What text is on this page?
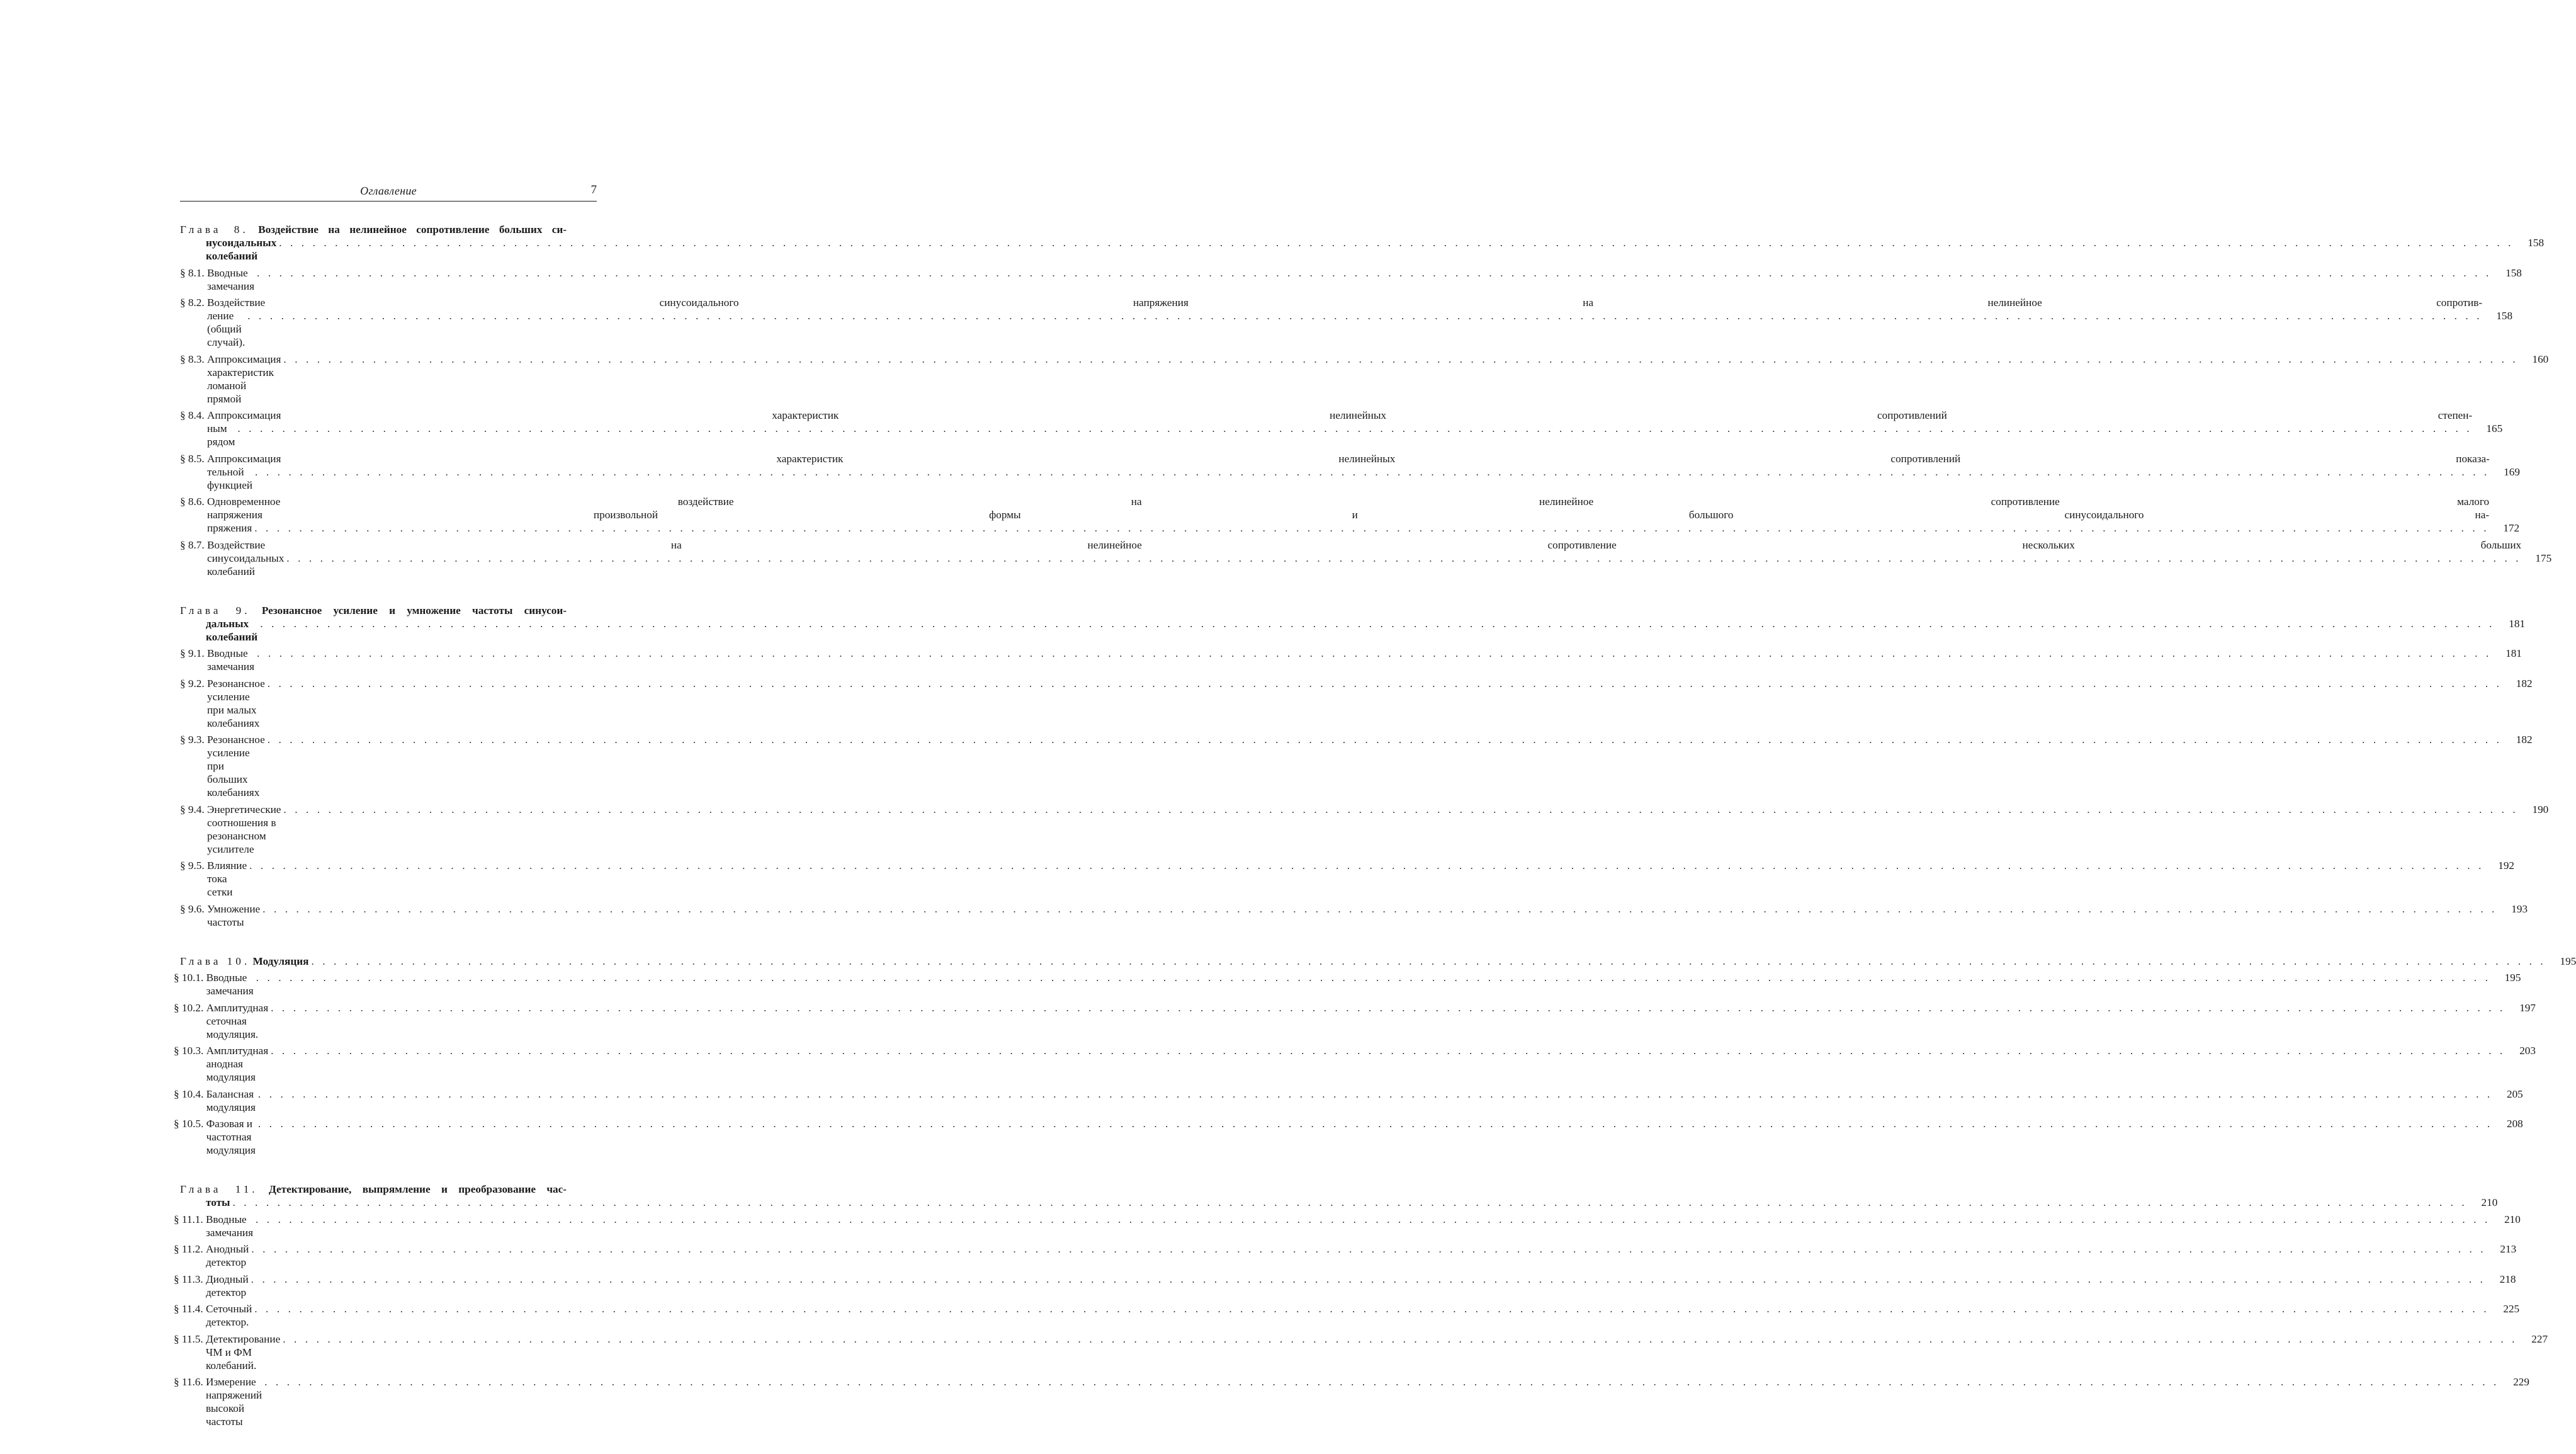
Оглавление	7
Глава 8. Воздействие на нелинейное сопротивление больших си-
нусоидальных колебаний
. . . . . . . . . . . . . . . . . . . . . . . . . . . . . . . . . . . . . . . . . . . . . . . . . . . . . . . . . . . . . . . . . . . . . . . . . . . . . . . . . . . . . . . . . . . . . . . . . . . . . . . . . . . . . . . . . . . . . . . . . . . . . . . . . . . . . . . . . . . . . . . . . . . . . . . . . . . . . . . . . . . . . . . . . . . . . . . . . . . . . . . . . . . . . . . . . . . . . . . .	158
§ 8.1.
Вводные замечания
. . . . . . . . . . . . . . . . . . . . . . . . . . . . . . . . . . . . . . . . . . . . . . . . . . . . . . . . . . . . . . . . . . . . . . . . . . . . . . . . . . . . . . . . . . . . . . . . . . . . . . . . . . . . . . . . . . . . . . . . . . . . . . . . . . . . . . . . . . . . . . . . . . . . . . . . . . . . . . . . . . . . . . . . . . . . . . . . . . . . . . . . . . . . . . . . . . . . . . . .	158
§ 8.2.
Воздействие синусоидального напряжения на нелинейное сопротив-
ление (общий случай).
. . . . . . . . . . . . . . . . . . . . . . . . . . . . . . . . . . . . . . . . . . . . . . . . . . . . . . . . . . . . . . . . . . . . . . . . . . . . . . . . . . . . . . . . . . . . . . . . . . . . . . . . . . . . . . . . . . . . . . . . . . . . . . . . . . . . . . . . . . . . . . . . . . . . . . . . . . . . . . . . . . . . . . . . . . . . . . . . . . . . . . . . . . . . . . . . . . . . . . . .	158
§ 8.3.
Аппроксимация характеристик ломаной прямой
. . . . . . . . . . . . . . . . . . . . . . . . . . . . . . . . . . . . . . . . . . . . . . . . . . . . . . . . . . . . . . . . . . . . . . . . . . . . . . . . . . . . . . . . . . . . . . . . . . . . . . . . . . . . . . . . . . . . . . . . . . . . . . . . . . . . . . . . . . . . . . . . . . . . . . . . . . . . . . . . . . . . . . . . . . . . . . . . . . . . . . . . . . . . . . . . . . . . . . . .	160
§ 8.4.
Аппроксимация характеристик нелинейных сопротивлений степен-
ным рядом
. . . . . . . . . . . . . . . . . . . . . . . . . . . . . . . . . . . . . . . . . . . . . . . . . . . . . . . . . . . . . . . . . . . . . . . . . . . . . . . . . . . . . . . . . . . . . . . . . . . . . . . . . . . . . . . . . . . . . . . . . . . . . . . . . . . . . . . . . . . . . . . . . . . . . . . . . . . . . . . . . . . . . . . . . . . . . . . . . . . . . . . . . . . . . . . . . . . . . . . .	165
§ 8.5.
Аппроксимация характеристик нелинейных сопротивлений показа-
тельной функцией
. . . . . . . . . . . . . . . . . . . . . . . . . . . . . . . . . . . . . . . . . . . . . . . . . . . . . . . . . . . . . . . . . . . . . . . . . . . . . . . . . . . . . . . . . . . . . . . . . . . . . . . . . . . . . . . . . . . . . . . . . . . . . . . . . . . . . . . . . . . . . . . . . . . . . . . . . . . . . . . . . . . . . . . . . . . . . . . . . . . . . . . . . . . . . . . . . . . . . . . .	169
§ 8.6.
Одновременное воздействие на нелинейное сопротивление малого
напряжения произвольной формы и большого синусоидального на-
пряжения . . . . . . . . . . . . . . . . . . . . . . . . . . . . . . . . . . . . . . . . . . . . . . . . . . . . . . . . . . . . . . . . . . . . . . . . . . . . . . . . . . . . . . . . . . . . . . . . . . . . . . . . . . . . . . . . . . . . . . . . . . . . . . . . . . . . . . . . . . . . . . . . . . . . . . . . . . . . . . . . . . . . . . . . . . . . . . . . . . . . . . . . . . . . . . . . . . . . . . . .	172
§ 8.7.
Воздействие на нелинейное сопротивление нескольких больших
синусоидальных колебаний
. . . . . . . . . . . . . . . . . . . . . . . . . . . . . . . . . . . . . . . . . . . . . . . . . . . . . . . . . . . . . . . . . . . . . . . . . . . . . . . . . . . . . . . . . . . . . . . . . . . . . . . . . . . . . . . . . . . . . . . . . . . . . . . . . . . . . . . . . . . . . . . . . . . . . . . . . . . . . . . . . . . . . . . . . . . . . . . . . . . . . . . . . . . . . . . . . . . . . . . .	175
Глава 9. Резонансное усиление и умножение частоты синусои-
дальных колебаний
. . . . . . . . . . . . . . . . . . . . . . . . . . . . . . . . . . . . . . . . . . . . . . . . . . . . . . . . . . . . . . . . . . . . . . . . . . . . . . . . . . . . . . . . . . . . . . . . . . . . . . . . . . . . . . . . . . . . . . . . . . . . . . . . . . . . . . . . . . . . . . . . . . . . . . . . . . . . . . . . . . . . . . . . . . . . . . . . . . . . . . . . . . . . . . . . . . . . . . . .	181
§ 9.1.
Вводные замечания
. . . . . . . . . . . . . . . . . . . . . . . . . . . . . . . . . . . . . . . . . . . . . . . . . . . . . . . . . . . . . . . . . . . . . . . . . . . . . . . . . . . . . . . . . . . . . . . . . . . . . . . . . . . . . . . . . . . . . . . . . . . . . . . . . . . . . . . . . . . . . . . . . . . . . . . . . . . . . . . . . . . . . . . . . . . . . . . . . . . . . . . . . . . . . . . . . . . . . . . .	181
§ 9.2.
Резонансное усиление при малых колебаниях
. . . . . . . . . . . . . . . . . . . . . . . . . . . . . . . . . . . . . . . . . . . . . . . . . . . . . . . . . . . . . . . . . . . . . . . . . . . . . . . . . . . . . . . . . . . . . . . . . . . . . . . . . . . . . . . . . . . . . . . . . . . . . . . . . . . . . . . . . . . . . . . . . . . . . . . . . . . . . . . . . . . . . . . . . . . . . . . . . . . . . . . . . . . . . . . . . . . . . . . .	182
§ 9.3.
Резонансное усиление при больших колебаниях
. . . . . . . . . . . . . . . . . . . . . . . . . . . . . . . . . . . . . . . . . . . . . . . . . . . . . . . . . . . . . . . . . . . . . . . . . . . . . . . . . . . . . . . . . . . . . . . . . . . . . . . . . . . . . . . . . . . . . . . . . . . . . . . . . . . . . . . . . . . . . . . . . . . . . . . . . . . . . . . . . . . . . . . . . . . . . . . . . . . . . . . . . . . . . . . . . . . . . . . .	182
§ 9.4.
Энергетические соотношения в резонансном усилителе
. . . . . . . . . . . . . . . . . . . . . . . . . . . . . . . . . . . . . . . . . . . . . . . . . . . . . . . . . . . . . . . . . . . . . . . . . . . . . . . . . . . . . . . . . . . . . . . . . . . . . . . . . . . . . . . . . . . . . . . . . . . . . . . . . . . . . . . . . . . . . . . . . . . . . . . . . . . . . . . . . . . . . . . . . . . . . . . . . . . . . . . . . . . . . . . . . . . . . . . .	190
§ 9.5.
Влияние тока сетки
. . . . . . . . . . . . . . . . . . . . . . . . . . . . . . . . . . . . . . . . . . . . . . . . . . . . . . . . . . . . . . . . . . . . . . . . . . . . . . . . . . . . . . . . . . . . . . . . . . . . . . . . . . . . . . . . . . . . . . . . . . . . . . . . . . . . . . . . . . . . . . . . . . . . . . . . . . . . . . . . . . . . . . . . . . . . . . . . . . . . . . . . . . . . . . . . . . . . . . . .	192
§ 9.6.
Умножение частоты
. . . . . . . . . . . . . . . . . . . . . . . . . . . . . . . . . . . . . . . . . . . . . . . . . . . . . . . . . . . . . . . . . . . . . . . . . . . . . . . . . . . . . . . . . . . . . . . . . . . . . . . . . . . . . . . . . . . . . . . . . . . . . . . . . . . . . . . . . . . . . . . . . . . . . . . . . . . . . . . . . . . . . . . . . . . . . . . . . . . . . . . . . . . . . . . . . . . . . . . .	193
Глава 10.
Модуляция . . . . . . . . . . . . . . . . . . . . . . . . . . . . . . . . . . . . . . . . . . . . . . . . . . . . . . . . . . . . . . . . . . . . . . . . . . . . . . . . . . . . . . . . . . . . . . . . . . . . . . . . . . . . . . . . . . . . . . . . . . . . . . . . . . . . . . . . . . . . . . . . . . . . . . . . . . . . . . . . . . . . . . . . . . . . . . . . . . . . . . . . . . . . . . . . . . . . . . . .	195
§ 10.1.
Вводные замечания
. . . . . . . . . . . . . . . . . . . . . . . . . . . . . . . . . . . . . . . . . . . . . . . . . . . . . . . . . . . . . . . . . . . . . . . . . . . . . . . . . . . . . . . . . . . . . . . . . . . . . . . . . . . . . . . . . . . . . . . . . . . . . . . . . . . . . . . . . . . . . . . . . . . . . . . . . . . . . . . . . . . . . . . . . . . . . . . . . . . . . . . . . . . . . . . . . . . . . . . .	195
§ 10.2.
Амплитудная сеточная модуляция.
. . . . . . . . . . . . . . . . . . . . . . . . . . . . . . . . . . . . . . . . . . . . . . . . . . . . . . . . . . . . . . . . . . . . . . . . . . . . . . . . . . . . . . . . . . . . . . . . . . . . . . . . . . . . . . . . . . . . . . . . . . . . . . . . . . . . . . . . . . . . . . . . . . . . . . . . . . . . . . . . . . . . . . . . . . . . . . . . . . . . . . . . . . . . . . . . . . . . . . . .	197
§ 10.3.
Амплитудная анодная модуляция
. . . . . . . . . . . . . . . . . . . . . . . . . . . . . . . . . . . . . . . . . . . . . . . . . . . . . . . . . . . . . . . . . . . . . . . . . . . . . . . . . . . . . . . . . . . . . . . . . . . . . . . . . . . . . . . . . . . . . . . . . . . . . . . . . . . . . . . . . . . . . . . . . . . . . . . . . . . . . . . . . . . . . . . . . . . . . . . . . . . . . . . . . . . . . . . . . . . . . . . .	203
§ 10.4.
Балансная модуляция
. . . . . . . . . . . . . . . . . . . . . . . . . . . . . . . . . . . . . . . . . . . . . . . . . . . . . . . . . . . . . . . . . . . . . . . . . . . . . . . . . . . . . . . . . . . . . . . . . . . . . . . . . . . . . . . . . . . . . . . . . . . . . . . . . . . . . . . . . . . . . . . . . . . . . . . . . . . . . . . . . . . . . . . . . . . . . . . . . . . . . . . . . . . . . . . . . . . . . . . .	205
§ 10.5.
Фазовая и частотная модуляция
. . . . . . . . . . . . . . . . . . . . . . . . . . . . . . . . . . . . . . . . . . . . . . . . . . . . . . . . . . . . . . . . . . . . . . . . . . . . . . . . . . . . . . . . . . . . . . . . . . . . . . . . . . . . . . . . . . . . . . . . . . . . . . . . . . . . . . . . . . . . . . . . . . . . . . . . . . . . . . . . . . . . . . . . . . . . . . . . . . . . . . . . . . . . . . . . . . . . . . . .	208
Глава 11. Детектирование, выпрямление и преобразование час-
тоты . . . . . . . . . . . . . . . . . . . . . . . . . . . . . . . . . . . . . . . . . . . . . . . . . . . . . . . . . . . . . . . . . . . . . . . . . . . . . . . . . . . . . . . . . . . . . . . . . . . . . . . . . . . . . . . . . . . . . . . . . . . . . . . . . . . . . . . . . . . . . . . . . . . . . . . . . . . . . . . . . . . . . . . . . . . . . . . . . . . . . . . . . . . . . . . . . . . . . . . .	210
§ 11.1.
Вводные замечания
. . . . . . . . . . . . . . . . . . . . . . . . . . . . . . . . . . . . . . . . . . . . . . . . . . . . . . . . . . . . . . . . . . . . . . . . . . . . . . . . . . . . . . . . . . . . . . . . . . . . . . . . . . . . . . . . . . . . . . . . . . . . . . . . . . . . . . . . . . . . . . . . . . . . . . . . . . . . . . . . . . . . . . . . . . . . . . . . . . . . . . . . . . . . . . . . . . . . . . . .	210
§ 11.2.
Анодный детектор
. . . . . . . . . . . . . . . . . . . . . . . . . . . . . . . . . . . . . . . . . . . . . . . . . . . . . . . . . . . . . . . . . . . . . . . . . . . . . . . . . . . . . . . . . . . . . . . . . . . . . . . . . . . . . . . . . . . . . . . . . . . . . . . . . . . . . . . . . . . . . . . . . . . . . . . . . . . . . . . . . . . . . . . . . . . . . . . . . . . . . . . . . . . . . . . . . . . . . . . .	213
§ 11.3.
Диодный детектор
. . . . . . . . . . . . . . . . . . . . . . . . . . . . . . . . . . . . . . . . . . . . . . . . . . . . . . . . . . . . . . . . . . . . . . . . . . . . . . . . . . . . . . . . . . . . . . . . . . . . . . . . . . . . . . . . . . . . . . . . . . . . . . . . . . . . . . . . . . . . . . . . . . . . . . . . . . . . . . . . . . . . . . . . . . . . . . . . . . . . . . . . . . . . . . . . . . . . . . . .	218
§ 11.4.
Сеточный детектор.
. . . . . . . . . . . . . . . . . . . . . . . . . . . . . . . . . . . . . . . . . . . . . . . . . . . . . . . . . . . . . . . . . . . . . . . . . . . . . . . . . . . . . . . . . . . . . . . . . . . . . . . . . . . . . . . . . . . . . . . . . . . . . . . . . . . . . . . . . . . . . . . . . . . . . . . . . . . . . . . . . . . . . . . . . . . . . . . . . . . . . . . . . . . . . . . . . . . . . . . .	225
§ 11.5.
Детектирование ЧМ и ФМ колебаний.
. . . . . . . . . . . . . . . . . . . . . . . . . . . . . . . . . . . . . . . . . . . . . . . . . . . . . . . . . . . . . . . . . . . . . . . . . . . . . . . . . . . . . . . . . . . . . . . . . . . . . . . . . . . . . . . . . . . . . . . . . . . . . . . . . . . . . . . . . . . . . . . . . . . . . . . . . . . . . . . . . . . . . . . . . . . . . . . . . . . . . . . . . . . . . . . . . . . . . . . .	227
§ 11.6.
Измерение напряжений высокой частоты
. . . . . . . . . . . . . . . . . . . . . . . . . . . . . . . . . . . . . . . . . . . . . . . . . . . . . . . . . . . . . . . . . . . . . . . . . . . . . . . . . . . . . . . . . . . . . . . . . . . . . . . . . . . . . . . . . . . . . . . . . . . . . . . . . . . . . . . . . . . . . . . . . . . . . . . . . . . . . . . . . . . . . . . . . . . . . . . . . . . . . . . . . . . . . . . . . . . . . . . .	229
